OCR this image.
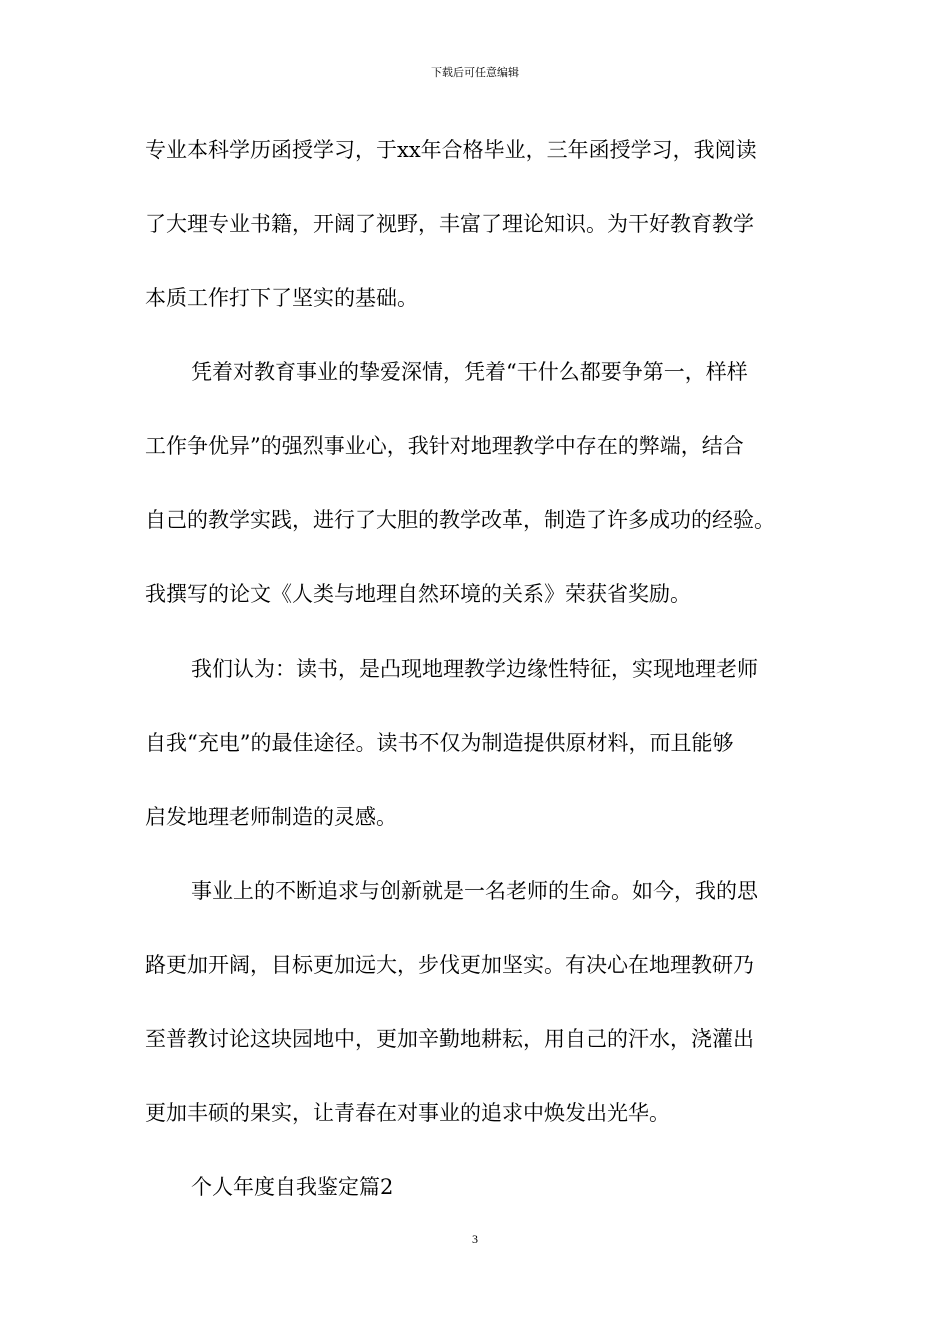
下载后可任意编辑
专业本科学历函授学习，于xx年合格毕业，三年函授学习，我阅读
了大理专业书籍，开阔了视野，丰富了理论知识。为干好教育教学
本质工作打下了坚实的基础。
凭着对教育事业的挚爱深情，凭着“干什么都要争第一，样样
工作争优异”的强烈事业心，我针对地理教学中存在的弊端，结合
自己的教学实践，进行了大胆的教学改革，制造了许多成功的经验。
我撰写的论文《人类与地理自然环境的关系》荣获省奖励。
我们认为：读书，是凸现地理教学边缘性特征，实现地理老师
自我“充电”的最佳途径。读书不仅为制造提供原材料，而且能够
启发地理老师制造的灵感。
事业上的不断追求与创新就是一名老师的生命。如今，我的思
路更加开阔，目标更加远大，步伐更加坚实。有决心在地理教研乃
至普教讨论这块园地中，更加辛勤地耕耘，用自己的汗水，浇灌出
更加丰硕的果实，让青春在对事业的追求中焕发出光华。
个人年度自我鉴定篇2
3
